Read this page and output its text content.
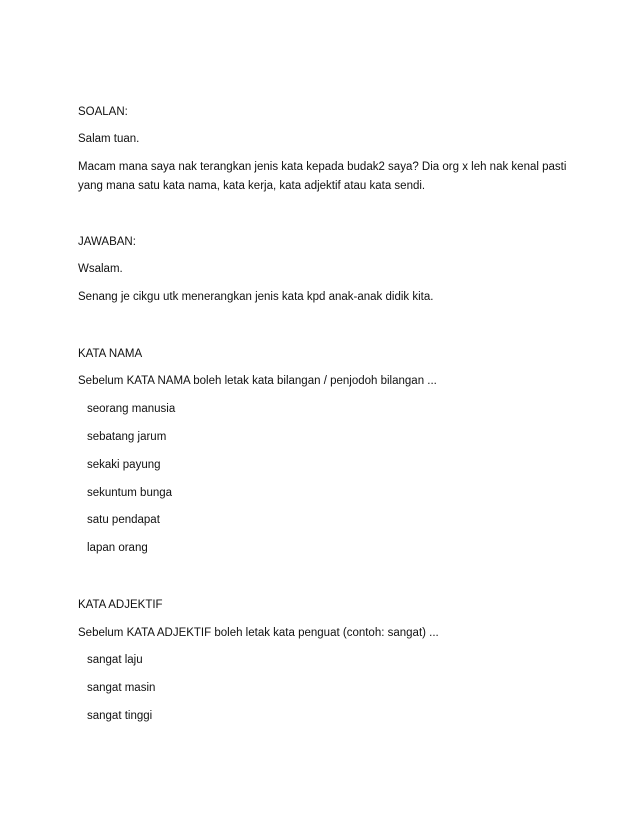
SOALAN:
Salam tuan.
Macam mana saya nak terangkan jenis kata kepada budak2 saya? Dia org x leh nak kenal pasti
yang mana satu kata nama, kata kerja, kata adjektif atau kata sendi.
JAWABAN:
Wsalam.
Senang je cikgu utk menerangkan jenis kata kpd anak-anak didik kita.
KATA NAMA
Sebelum KATA NAMA boleh letak kata bilangan / penjodoh bilangan ...
seorang manusia
sebatang jarum
sekaki payung
sekuntum bunga
satu pendapat
lapan orang
KATA ADJEKTIF
Sebelum KATA ADJEKTIF boleh letak kata penguat (contoh: sangat) ...
sangat laju
sangat masin
sangat tinggi
